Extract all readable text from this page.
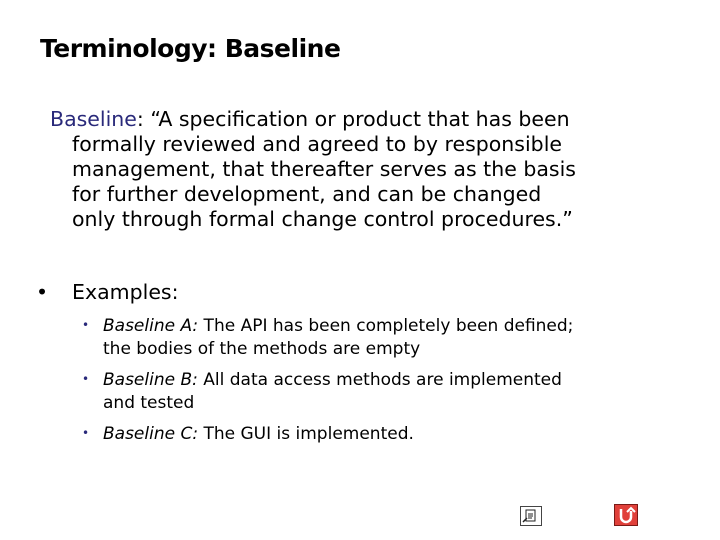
Terminology: Baseline
Baseline: “A specification or product that has been
formally reviewed and agreed to by responsible
management, that thereafter serves as the basis
for further development, and can be changed
only through formal change control procedures.”
• Examples:
• Baseline A: The API has been completely been defined;
the bodies of the methods are empty
• Baseline B: All data access methods are implemented
and tested
• Baseline C: The GUI is implemented.
